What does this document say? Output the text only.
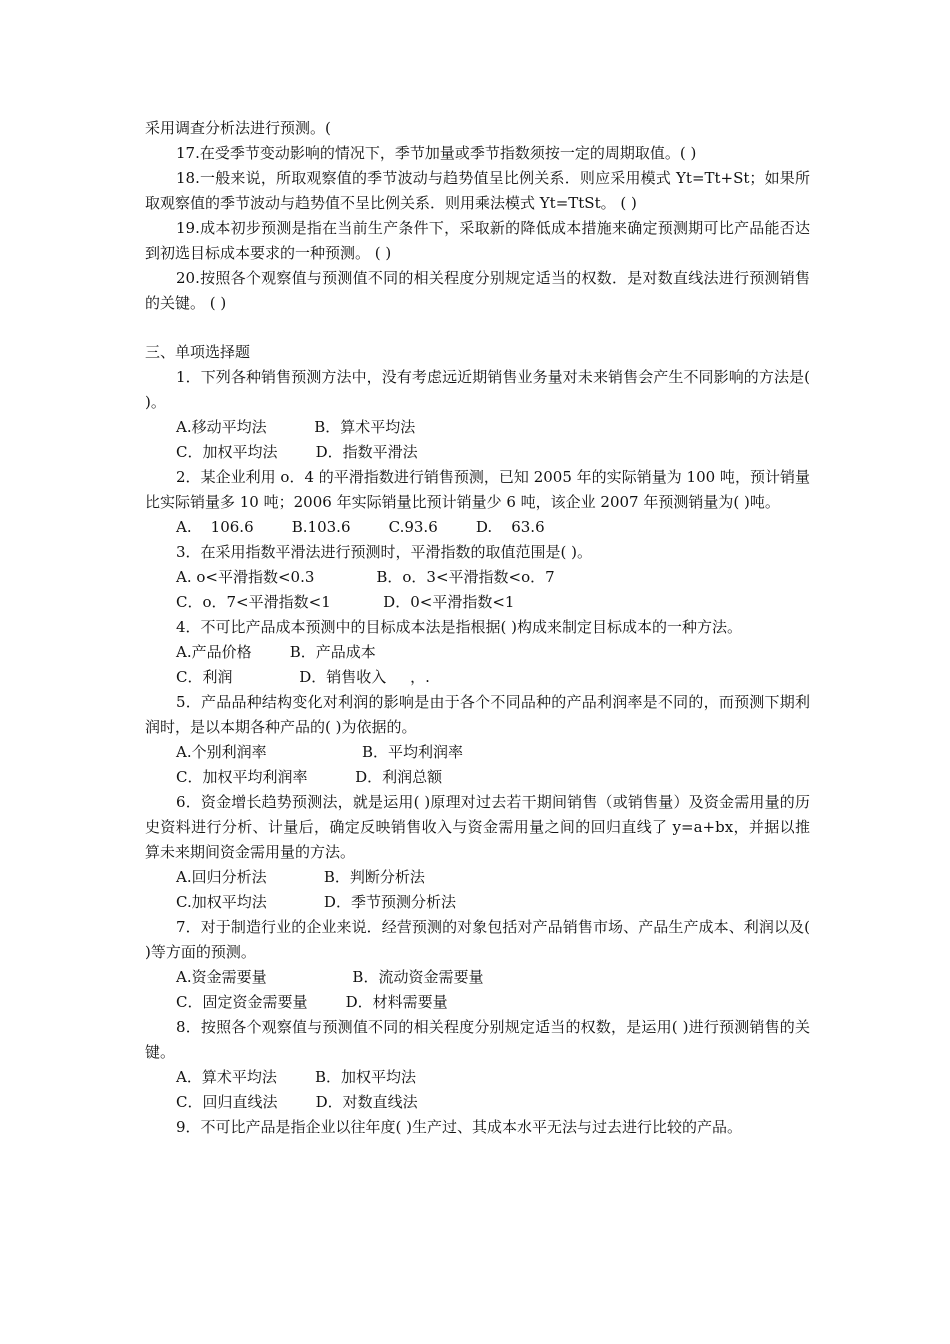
采用调查分析法进行预测。(

17.在受季节变动影响的情况下，季节加量或季节指数须按一定的周期取值。( )

18.一般来说，所取观察值的季节波动与趋势值呈比例关系．则应采用模式 Yt=Tt+St；如果所取观察值的季节波动与趋势值不呈比例关系．则用乘法模式 Yt=TtSt。 ( )

19.成本初步预测是指在当前生产条件下，采取新的降低成本措施来确定预测期可比产品能否达到初选目标成本要求的一种预测。 ( )

20.按照各个观察值与预测值不同的相关程度分别规定适当的权数．是对数直线法进行预测销售的关键。 ( )

三、单项选择题

1．下列各种销售预测方法中，没有考虑远近期销售业务量对未来销售会产生不同影响的方法是( )。

A.移动平均法          B．算术平均法

C．加权平均法        D．指数平滑法

2．某企业利用 o．4 的平滑指数进行销售预测，已知 2005 年的实际销量为 100 吨，预计销量比实际销量多 10 吨；2006 年实际销量比预计销量少 6 吨，该企业 2007 年预测销量为( )吨。

A.    106.6        B.103.6        C.93.6        D.    63.6

3．在采用指数平滑法进行预测时，平滑指数的取值范围是( )。

A. o<平滑指数<0.3             B．o．3<平滑指数<o．7

C．o．7<平滑指数<1           D．0<平滑指数<1

4．不可比产品成本预测中的目标成本法是指根据( )构成来制定目标成本的一种方法。

A.产品价格        B．产品成本

C．利润              D．销售收入     ，.

5．产品品种结构变化对利润的影响是由于各个不同品种的产品利润率是不同的，而预测下期利润时，是以本期各种产品的( )为依据的。

A.个别利润率                    B．平均利润率

C．加权平均利润率          D．利润总额

6．资金增长趋势预测法，就是运用( )原理对过去若干期间销售（或销售量）及资金需用量的历史资料进行分析、计量后，确定反映销售收入与资金需用量之间的回归直线了 y=a+bx，并据以推算未来期间资金需用量的方法。

A.回归分析法            B．判断分析法

C.加权平均法            D．季节预测分析法

7．对于制造行业的企业来说．经营预测的对象包括对产品销售市场、产品生产成本、利润以及( )等方面的预测。

A.资金需要量                  B．流动资金需要量

C．固定资金需要量        D．材料需要量

8．按照各个观察值与预测值不同的相关程度分别规定适当的权数，是运用( )进行预测销售的关键。

A．算术平均法        B．加权平均法

C．回归直线法        D．对数直线法

9．不可比产品是指企业以往年度( )生产过、其成本水平无法与过去进行比较的产品。
